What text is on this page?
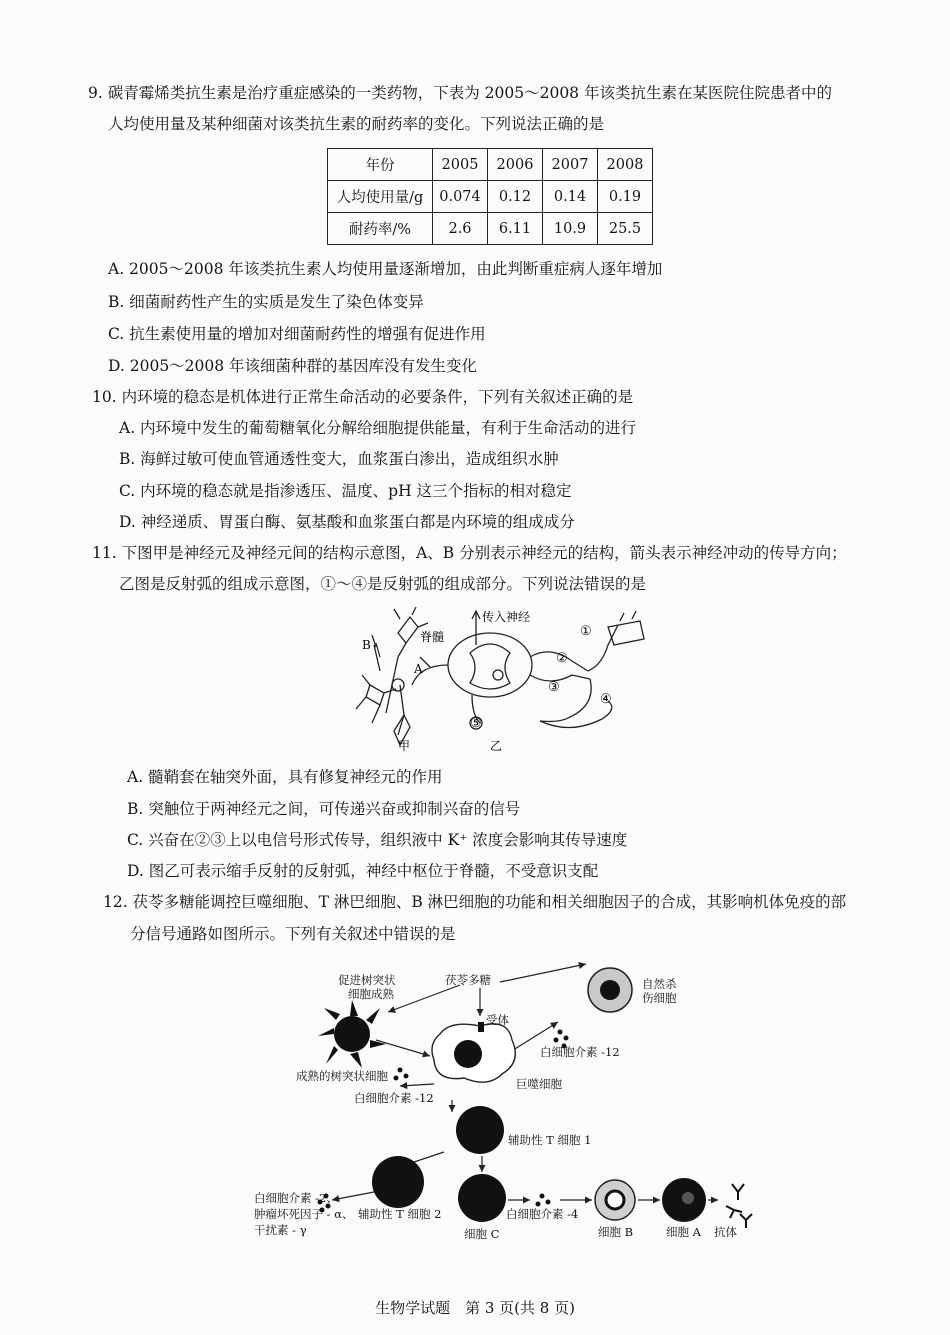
9. 碳青霉烯类抗生素是治疗重症感染的一类药物，下表为 2005～2008 年该类抗生素在某医院住院患者中的
人均使用量及某种细菌对该类抗生素的耐药率的变化。下列说法正确的是
年份	2005	2006	2007	2008
人均使用量/g	0.074	0.12	0.14	0.19
耐药率/%	2.6	6.11	10.9	25.5
A. 2005～2008 年该类抗生素人均使用量逐渐增加，由此判断重症病人逐年增加
B. 细菌耐药性产生的实质是发生了染色体变异
C. 抗生素使用量的增加对细菌耐药性的增强有促进作用
D. 2005～2008 年该细菌种群的基因库没有发生变化
10. 内环境的稳态是机体进行正常生命活动的必要条件，下列有关叙述正确的是
A. 内环境中发生的葡萄糖氧化分解给细胞提供能量，有利于生命活动的进行
B. 海鲜过敏可使血管通透性变大，血浆蛋白渗出，造成组织水肿
C. 内环境的稳态就是指渗透压、温度、pH 这三个指标的相对稳定
D. 神经递质、胃蛋白酶、氨基酸和血浆蛋白都是内环境的组成成分
11. 下图甲是神经元及神经元间的结构示意图，A、B 分别表示神经元的结构，箭头表示神经冲动的传导方向；
乙图是反射弧的组成示意图，①～④是反射弧的组成部分。下列说法错误的是
B
A
脊髓
传入神经
①
②
③
④
⑤
甲	乙
A. 髓鞘套在轴突外面，具有修复神经元的作用
B. 突触位于两神经元之间，可传递兴奋或抑制兴奋的信号
C. 兴奋在②③上以电信号形式传导，组织液中 K⁺ 浓度会影响其传导速度
D. 图乙可表示缩手反射的反射弧，神经中枢位于脊髓，不受意识支配
12. 茯苓多糖能调控巨噬细胞、T 淋巴细胞、B 淋巴细胞的功能和相关细胞因子的合成，其影响机体免疫的部
分信号通路如图所示。下列有关叙述中错误的是
促进树突状
细胞成熟
茯苓多糖
受体
自然杀
伤细胞
白细胞介素 -12
成熟的树突状细胞
巨噬细胞
白细胞介素 -12
辅助性 T 细胞 1
白细胞介素 -2、
肿瘤坏死因子 - α、
干扰素 - γ
辅助性 T 细胞 2	白细胞介素 -4
细胞 C	细胞 B	细胞 A 抗体
生物学试题　第 3 页(共 8 页)
